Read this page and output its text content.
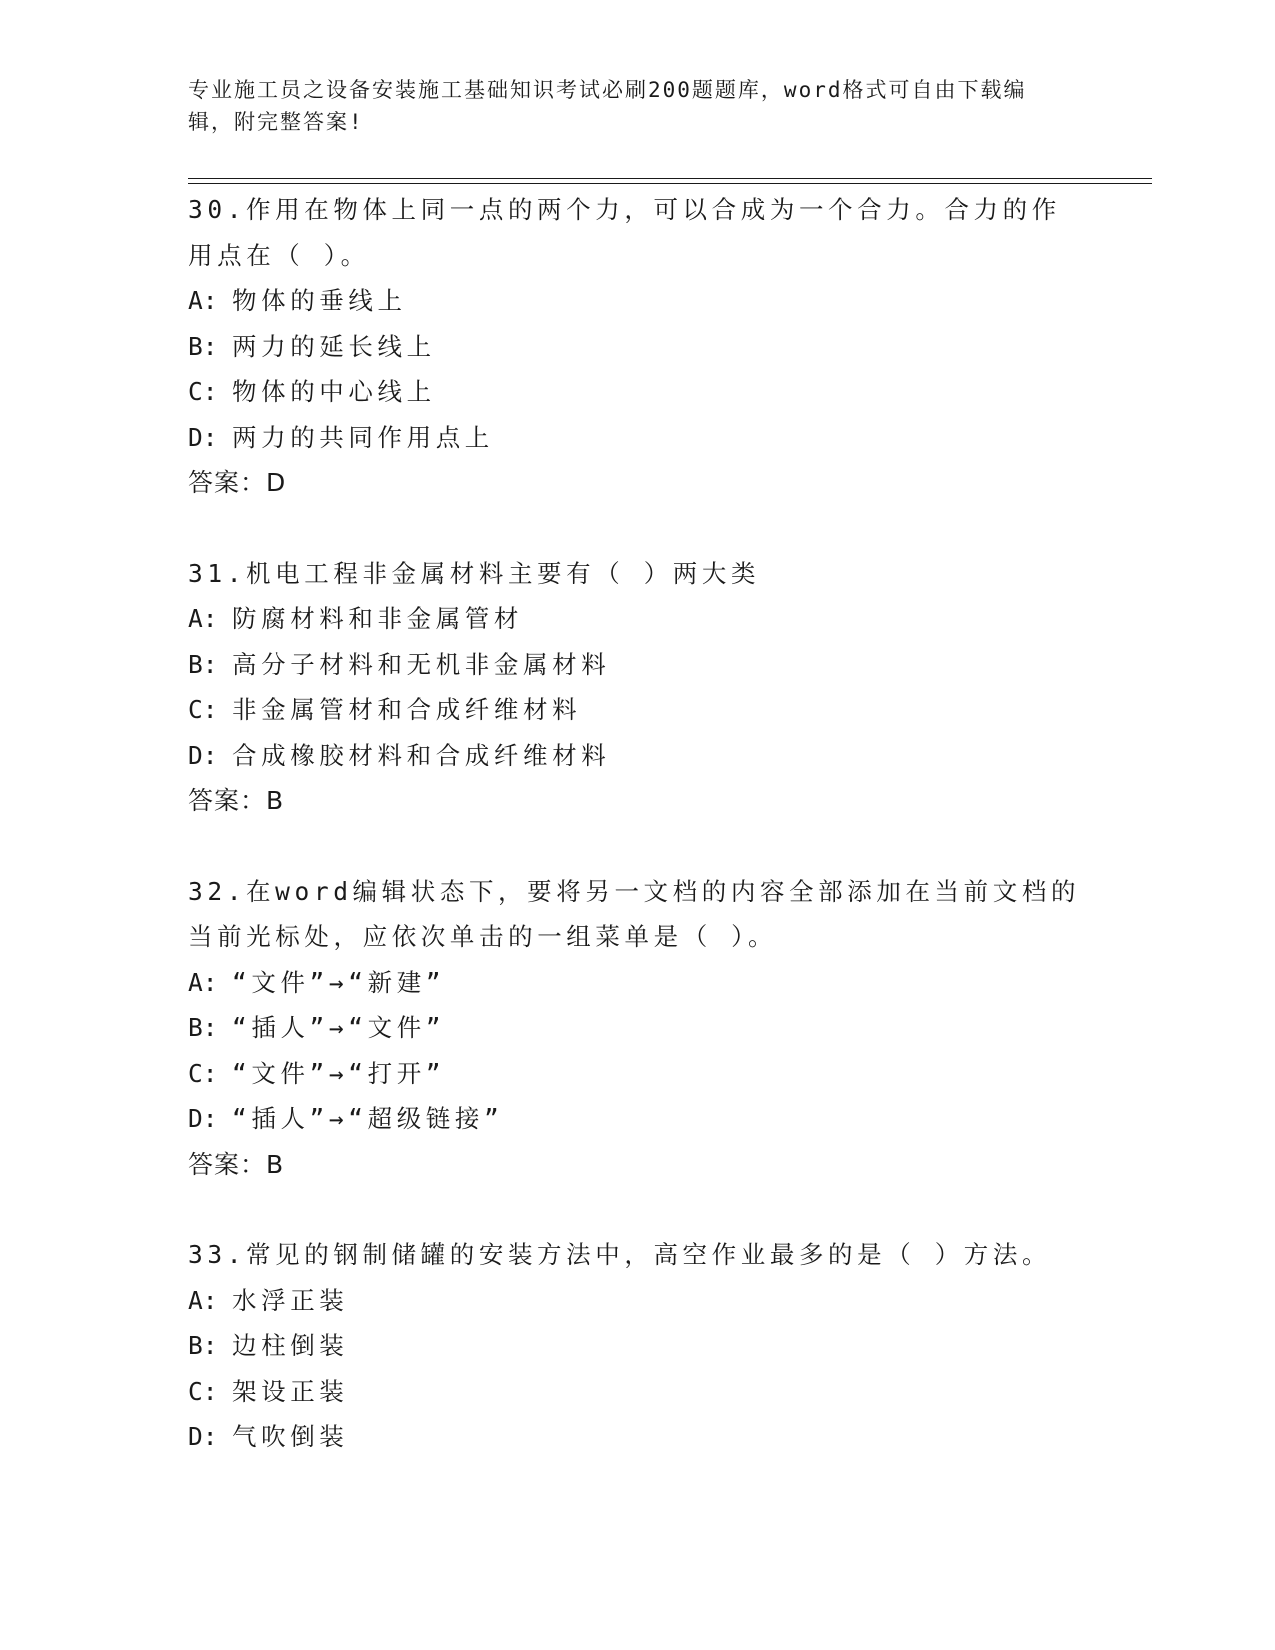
专业施工员之设备安装施工基础知识考试必刷200题题库，word格式可自由下载编辑，附完整答案!

30.作用在物体上同一点的两个力，可以合成为一个合力。合力的作用点在（ ）。

A: 物体的垂线上

B: 两力的延长线上

C: 物体的中心线上

D: 两力的共同作用点上

答案：D

31.机电工程非金属材料主要有（ ）两大类

A: 防腐材料和非金属管材

B: 高分子材料和无机非金属材料

C: 非金属管材和合成纤维材料

D: 合成橡胶材料和合成纤维材料

答案：B

32.在word编辑状态下，要将另一文档的内容全部添加在当前文档的当前光标处，应依次单击的一组菜单是（ ）。

A: “文件”→“新建”

B: “插人”→“文件”

C: “文件”→“打开”

D: “插人”→“超级链接”

答案：B

33.常见的钢制储罐的安装方法中，高空作业最多的是（ ）方法。

A: 水浮正装

B: 边柱倒装

C: 架设正装

D: 气吹倒装
